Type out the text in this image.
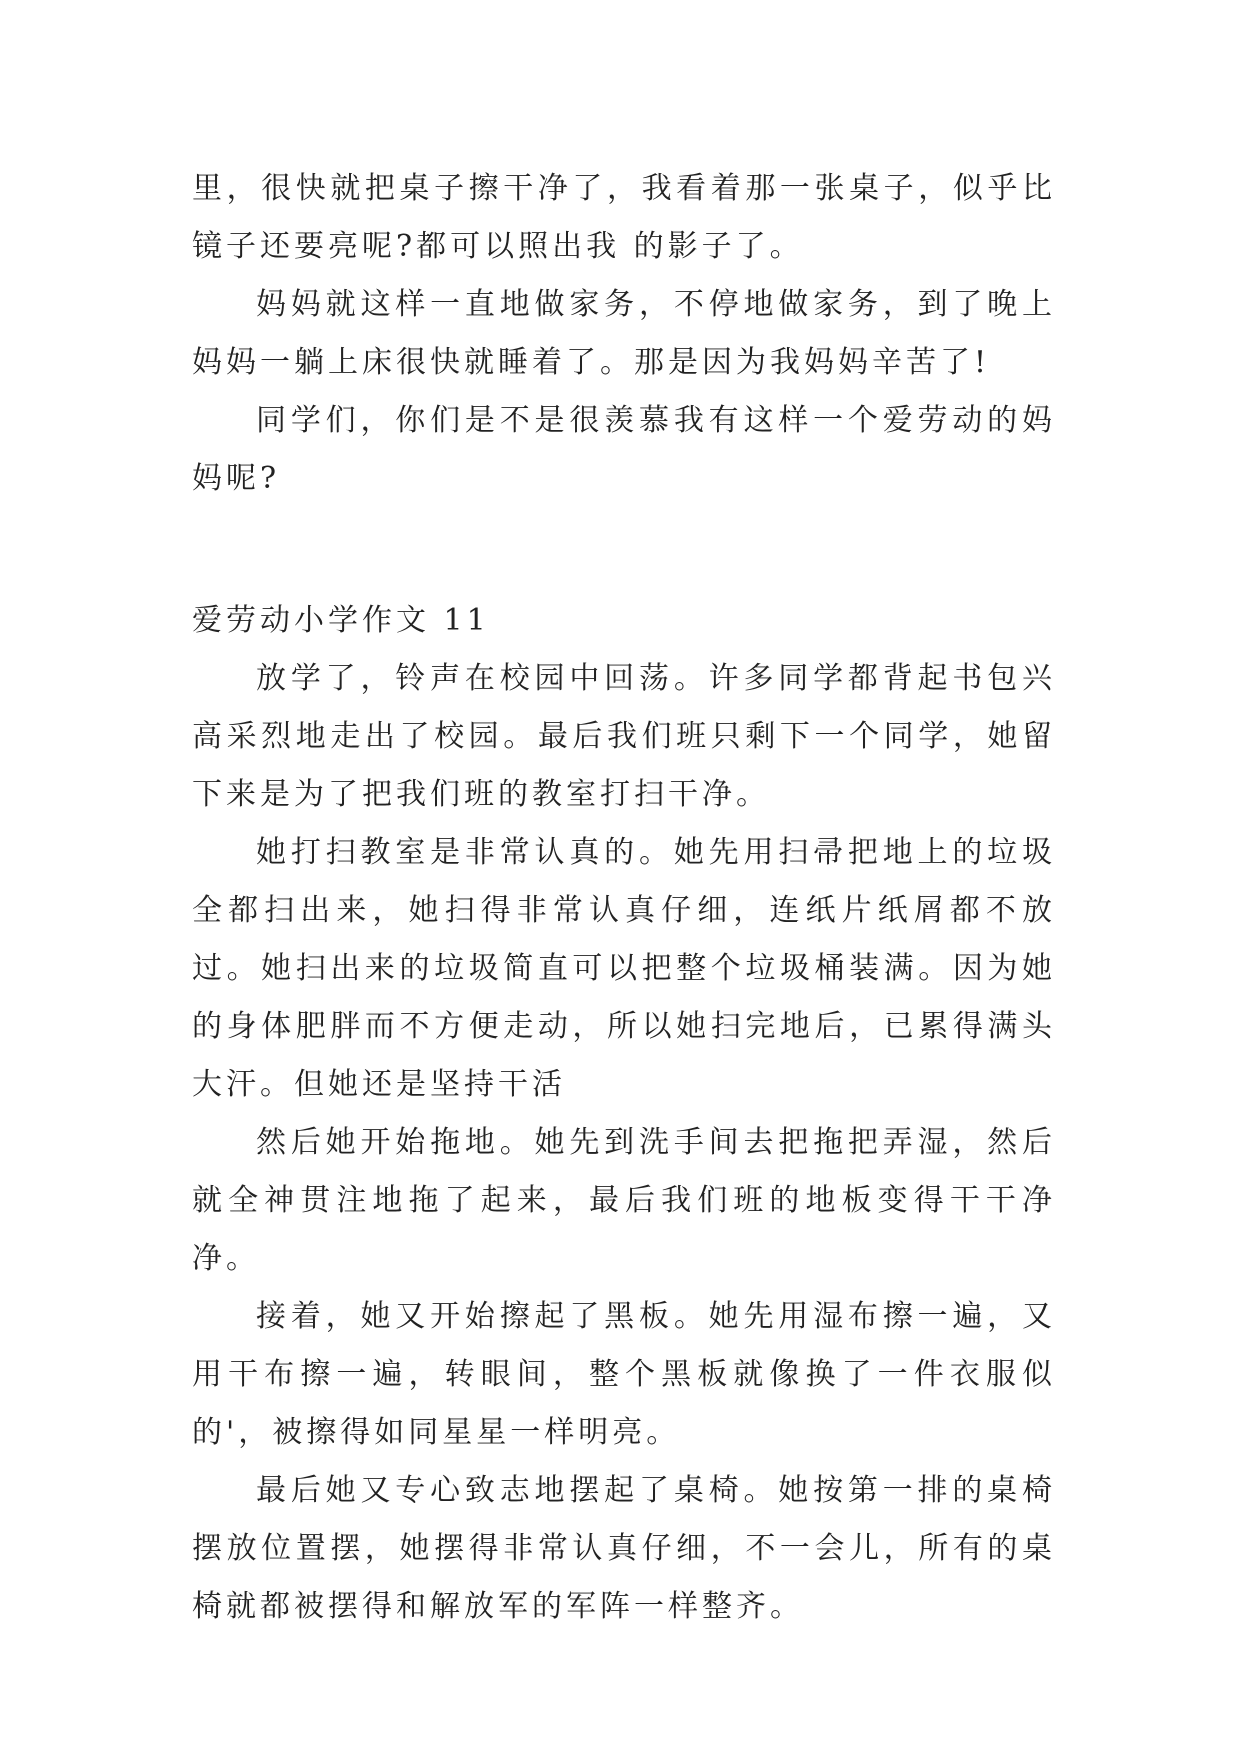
里，很快就把桌子擦干净了，我看着那一张桌子，似乎比镜子还要亮呢?都可以照出我 的影子了。

妈妈就这样一直地做家务，不停地做家务，到了晚上妈妈一躺上床很快就睡着了。那是因为我妈妈辛苦了!

同学们，你们是不是很羡慕我有这样一个爱劳动的妈妈呢?

爱劳动小学作文 11

放学了，铃声在校园中回荡。许多同学都背起书包兴高采烈地走出了校园。最后我们班只剩下一个同学，她留下来是为了把我们班的教室打扫干净。

她打扫教室是非常认真的。她先用扫帚把地上的垃圾全都扫出来，她扫得非常认真仔细，连纸片纸屑都不放过。她扫出来的垃圾简直可以把整个垃圾桶装满。因为她的身体肥胖而不方便走动，所以她扫完地后，已累得满头大汗。但她还是坚持干活

然后她开始拖地。她先到洗手间去把拖把弄湿，然后就全神贯注地拖了起来，最后我们班的地板变得干干净净。

接着，她又开始擦起了黑板。她先用湿布擦一遍，又用干布擦一遍，转眼间，整个黑板就像换了一件衣服似的'，被擦得如同星星一样明亮。

最后她又专心致志地摆起了桌椅。她按第一排的桌椅摆放位置摆，她摆得非常认真仔细，不一会儿，所有的桌椅就都被摆得和解放军的军阵一样整齐。
